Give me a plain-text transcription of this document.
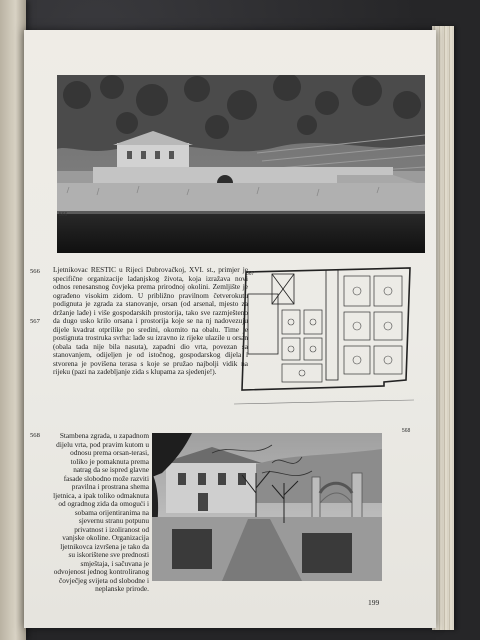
566
566
567
Ljetnikovac RESTIC u Rijeci Dubrovačkoj, XVI. st., primjer je specifične organizacije ladanjskog života, koja izražava novi odnos renesansnog čovjeka prema prirodnoj okolini. Zemljište je ograđeno visokim zidom. U približno pravilnom četverokutu podignuta je zgrada za stanovanje, orsan (od arsenal, mjesto za držanje lađe) i više gospodarskih prostorija, tako sve razmješteno da dugo usko krilo orsana i prostorija koje se na nj nadovezuju dijele kvadrat otprilike po sredini, okomito na obalu. Time je postignuta trostruka svrha: lađe su izravno iz rijeke ulazile u orsan (obala tada nije bila nasuta), zapadni dio vrta, povezan sa stanovanjem, odijeljen je od istočnog, gospodarskog dijela i stvorena je povišena terasa s koje se pružao najbolji vidik na rijeku (pazi na zadebljanje zida s klupama za sjedenje!).
567
568
568	Stambena zgrada, u zapadnom dijelu vrta, pod pravim kutom u odnosu prema orsan-terasi, toliko je pomaknuta prema natrag da se ispred glavne fasade slobodno može razviti pravilna i prostrana shema ljetnica, a ipak toliko odmaknuta od ogradnog zida da omogući i sobama orijentiranima na sjevernu stranu potpunu privatnost i izoliranost od vanjske okoline. Organizacija ljetnikovca izvršena je tako da su iskorištene sve prednosti smještaja, i sačuvana je odvojenost jednog kontroliranog čovječjeg svijeta od slobodne i neplanske prirode.
199
